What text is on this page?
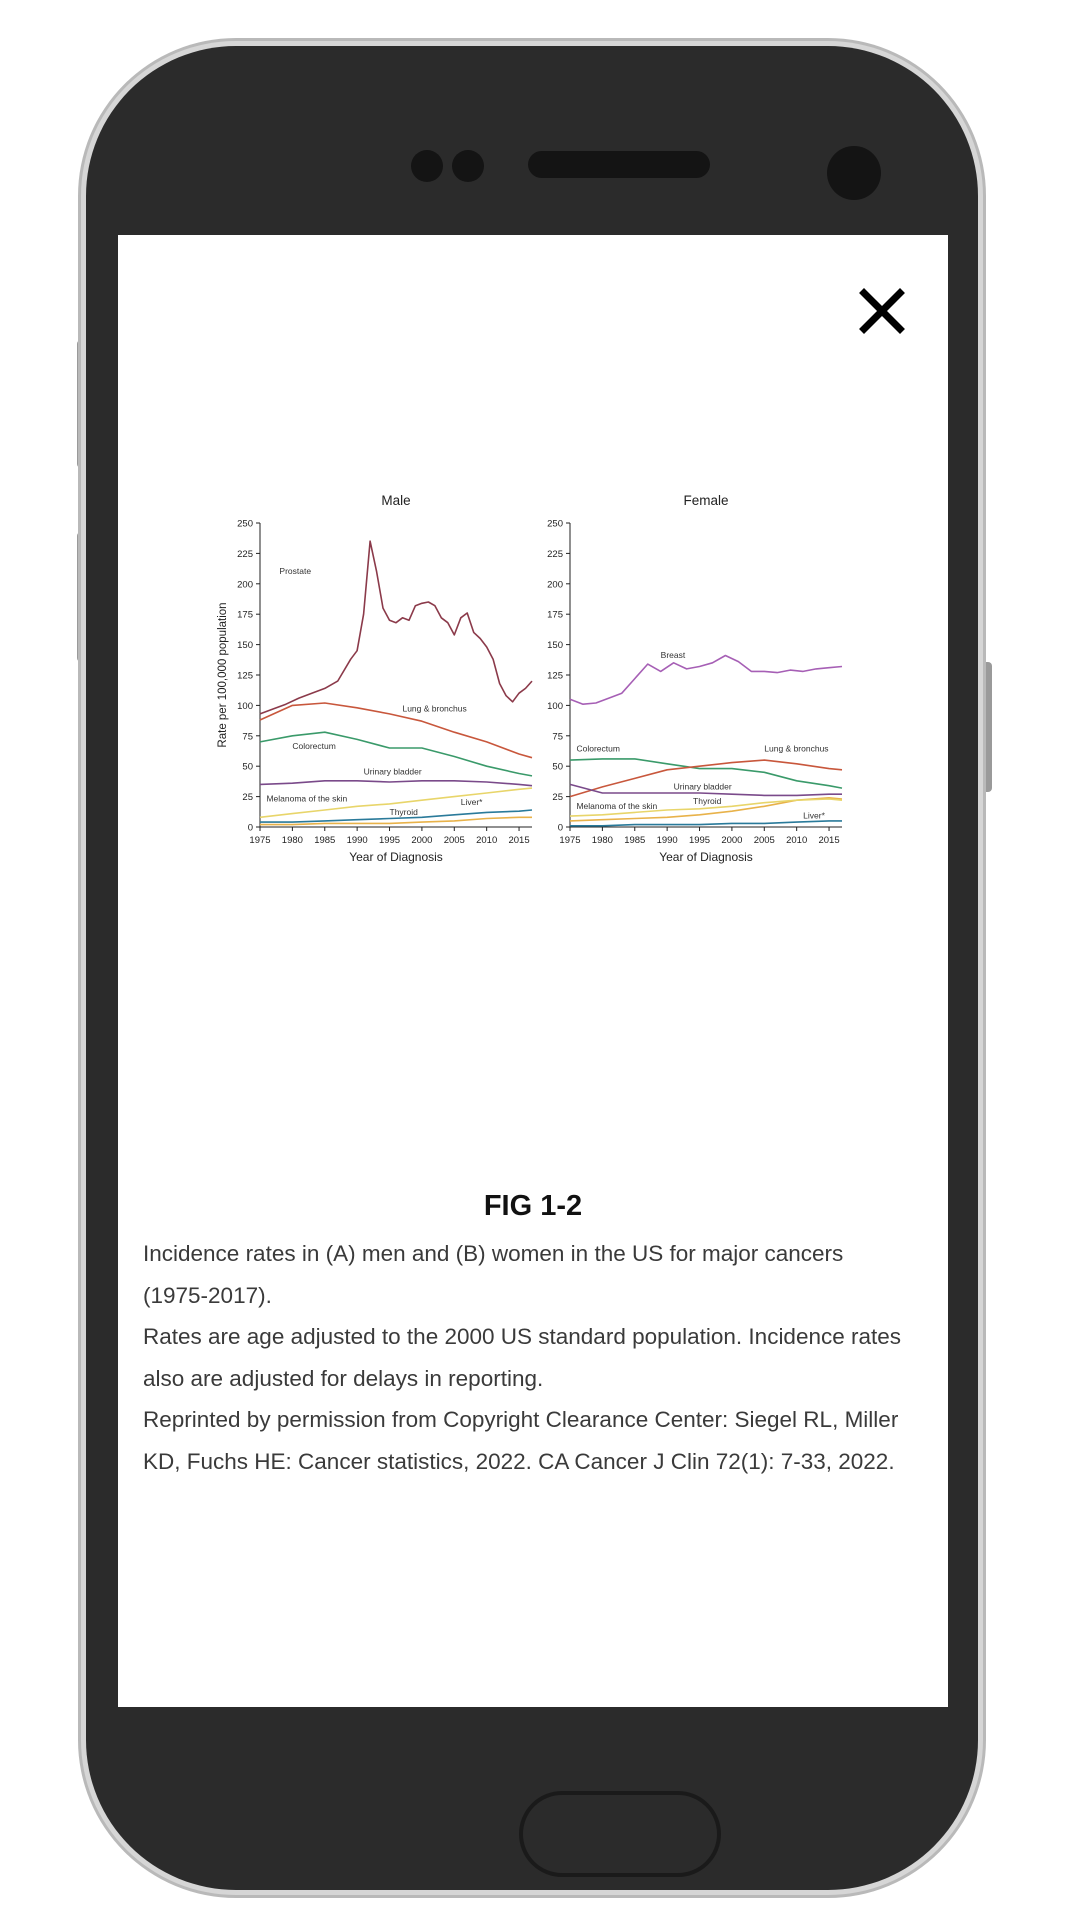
Male
0
25
50
75
100
125
150
175
200
225
250
1975 1980 1985 1990 1995 2000 2005 2010 2015
Year of Diagnosis
Rate per 100,000 population
Prostate
Lung & bronchus
Colorectum
Urinary bladder
Melanoma of the skin
Thyroid
Liver*
Female
0
25
50
75
100
125
150
175
200
225
250
1975 1980 1985 1990 1995 2000 2005 2010 2015
Year of Diagnosis
Breast
Colorectum	Lung & bronchus
Urinary bladder
Melanoma of the skin	Thyroid
Liver*
FIG 1-2

Incidence rates in (A) men and (B) women in the US for major cancers (1975-2017).

Rates are age adjusted to the 2000 US standard population. Incidence rates also are adjusted for delays in reporting.

Reprinted by permission from Copyright Clearance Center: Siegel RL, Miller KD, Fuchs HE: Cancer statistics, 2022. CA Cancer J Clin 72(1): 7-33, 2022.
